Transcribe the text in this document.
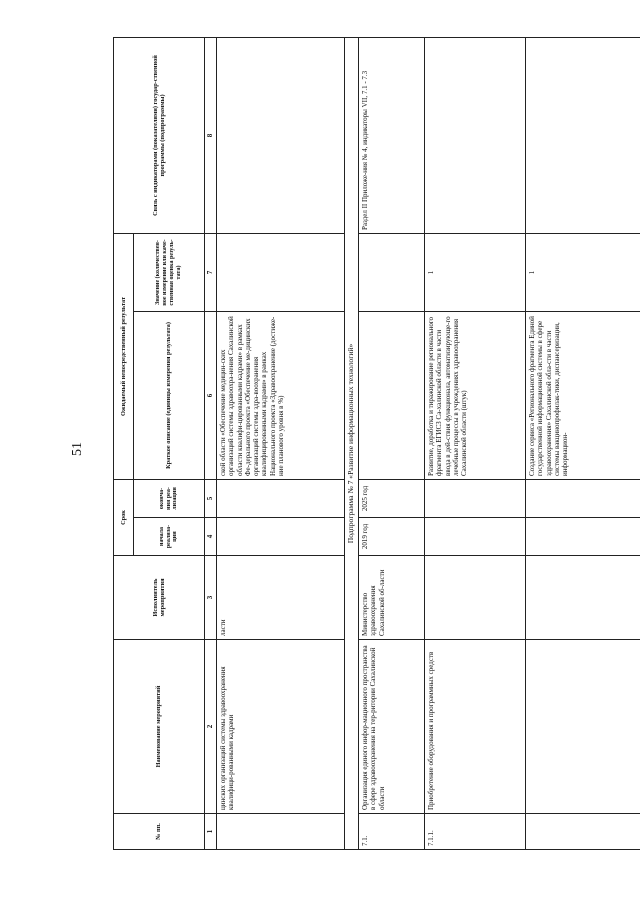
51
№ пп.	Наименование мероприятий	Исполнитель мероприятия	Срок		Ожидаемый непосредственный результат		Связь с индикаторами (показателями) государ-ственной программы (подпрограммы)
			начала реализа-ции	оконча-ния реа-лизации	Краткое описание (единицы измерения результата)	Значение (количествен-ное измерение или каче-ственная оценка резуль-тата)	

1	2	3	4	5	6	7	8
	цинских организаций системы здравоохранения квалифици-рованными кадрами	ласти			ской области «Обеспечение медицин-ских организаций системы здравоохра-нения Сахалинской области квалифи-цированными кадрами» в рамках Фе-дерального проекта «Обеспечение ме-дицинских организаций системы здра-воохранения квалифицированными кадрами» в рамках Национального проекта «Здравоохранение (достиже-ние планового уровня в %)		
Подпрограмма № 7 «Развитие информационных технологий»							
7.1.	Организация единого инфор-мационного пространства в сфере здравоохранения на тер-ритории Сахалинской области	Министерство здравоохранения Сахалинской об-ласти	2019 год	2025 год			Раздел II Приложе-ния № 4, индикаторы VII, 7.1 - 7.3
7.1.1.	Приобретение оборудования и программных средств				Развитие, доработка и тиражирование регионального фрагмента ЕГИСЗ Са-халинской области в части ввода в дей-ствия функционала, автоматизирующе-го лечебные процессы в учреждениях здравоохранения Сахалинской области (штук)	1	
					Создание сервиса «Регионального фрагмента Единой государственной информационной системы в сфере здравоохранения» Сахалинской обла-сти в части системы вакцинопрофилак-тики, диспансеризации, информацион-	1	
